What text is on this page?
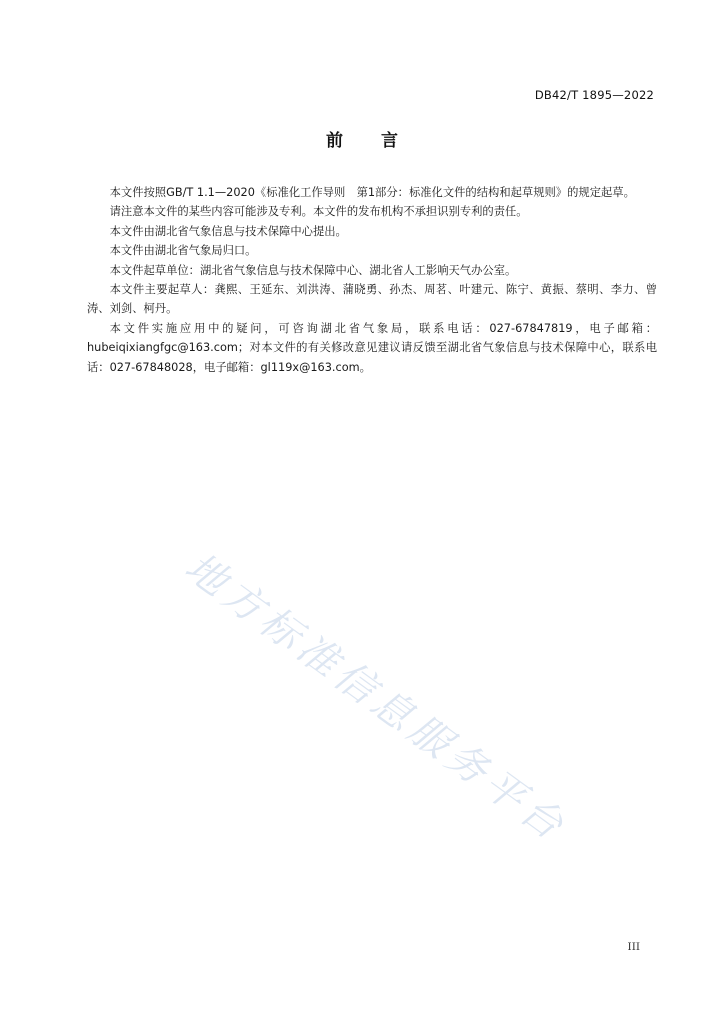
DB42/T 1895—2022
前言

本文件按照GB/T 1.1—2020《标准化工作导则　第1部分：标准化文件的结构和起草规则》的规定起草。

请注意本文件的某些内容可能涉及专利。本文件的发布机构不承担识别专利的责任。

本文件由湖北省气象信息与技术保障中心提出。

本文件由湖北省气象局归口。

本文件起草单位：湖北省气象信息与技术保障中心、湖北省人工影响天气办公室。

本文件主要起草人：龚熙、王延东、刘洪涛、蒲晓勇、孙杰、周茗、叶建元、陈宁、黄振、蔡明、李力、曾涛、刘剑、柯丹。

本文件实施应用中的疑问，可咨询湖北省气象局，联系电话：027-67847819，电子邮箱：hubeiqixiangfgc@163.com；对本文件的有关修改意见建议请反馈至湖北省气象信息与技术保障中心，联系电话：027-67848028，电子邮箱：gl119x@163.com。

地方标准信息服务平台
III
